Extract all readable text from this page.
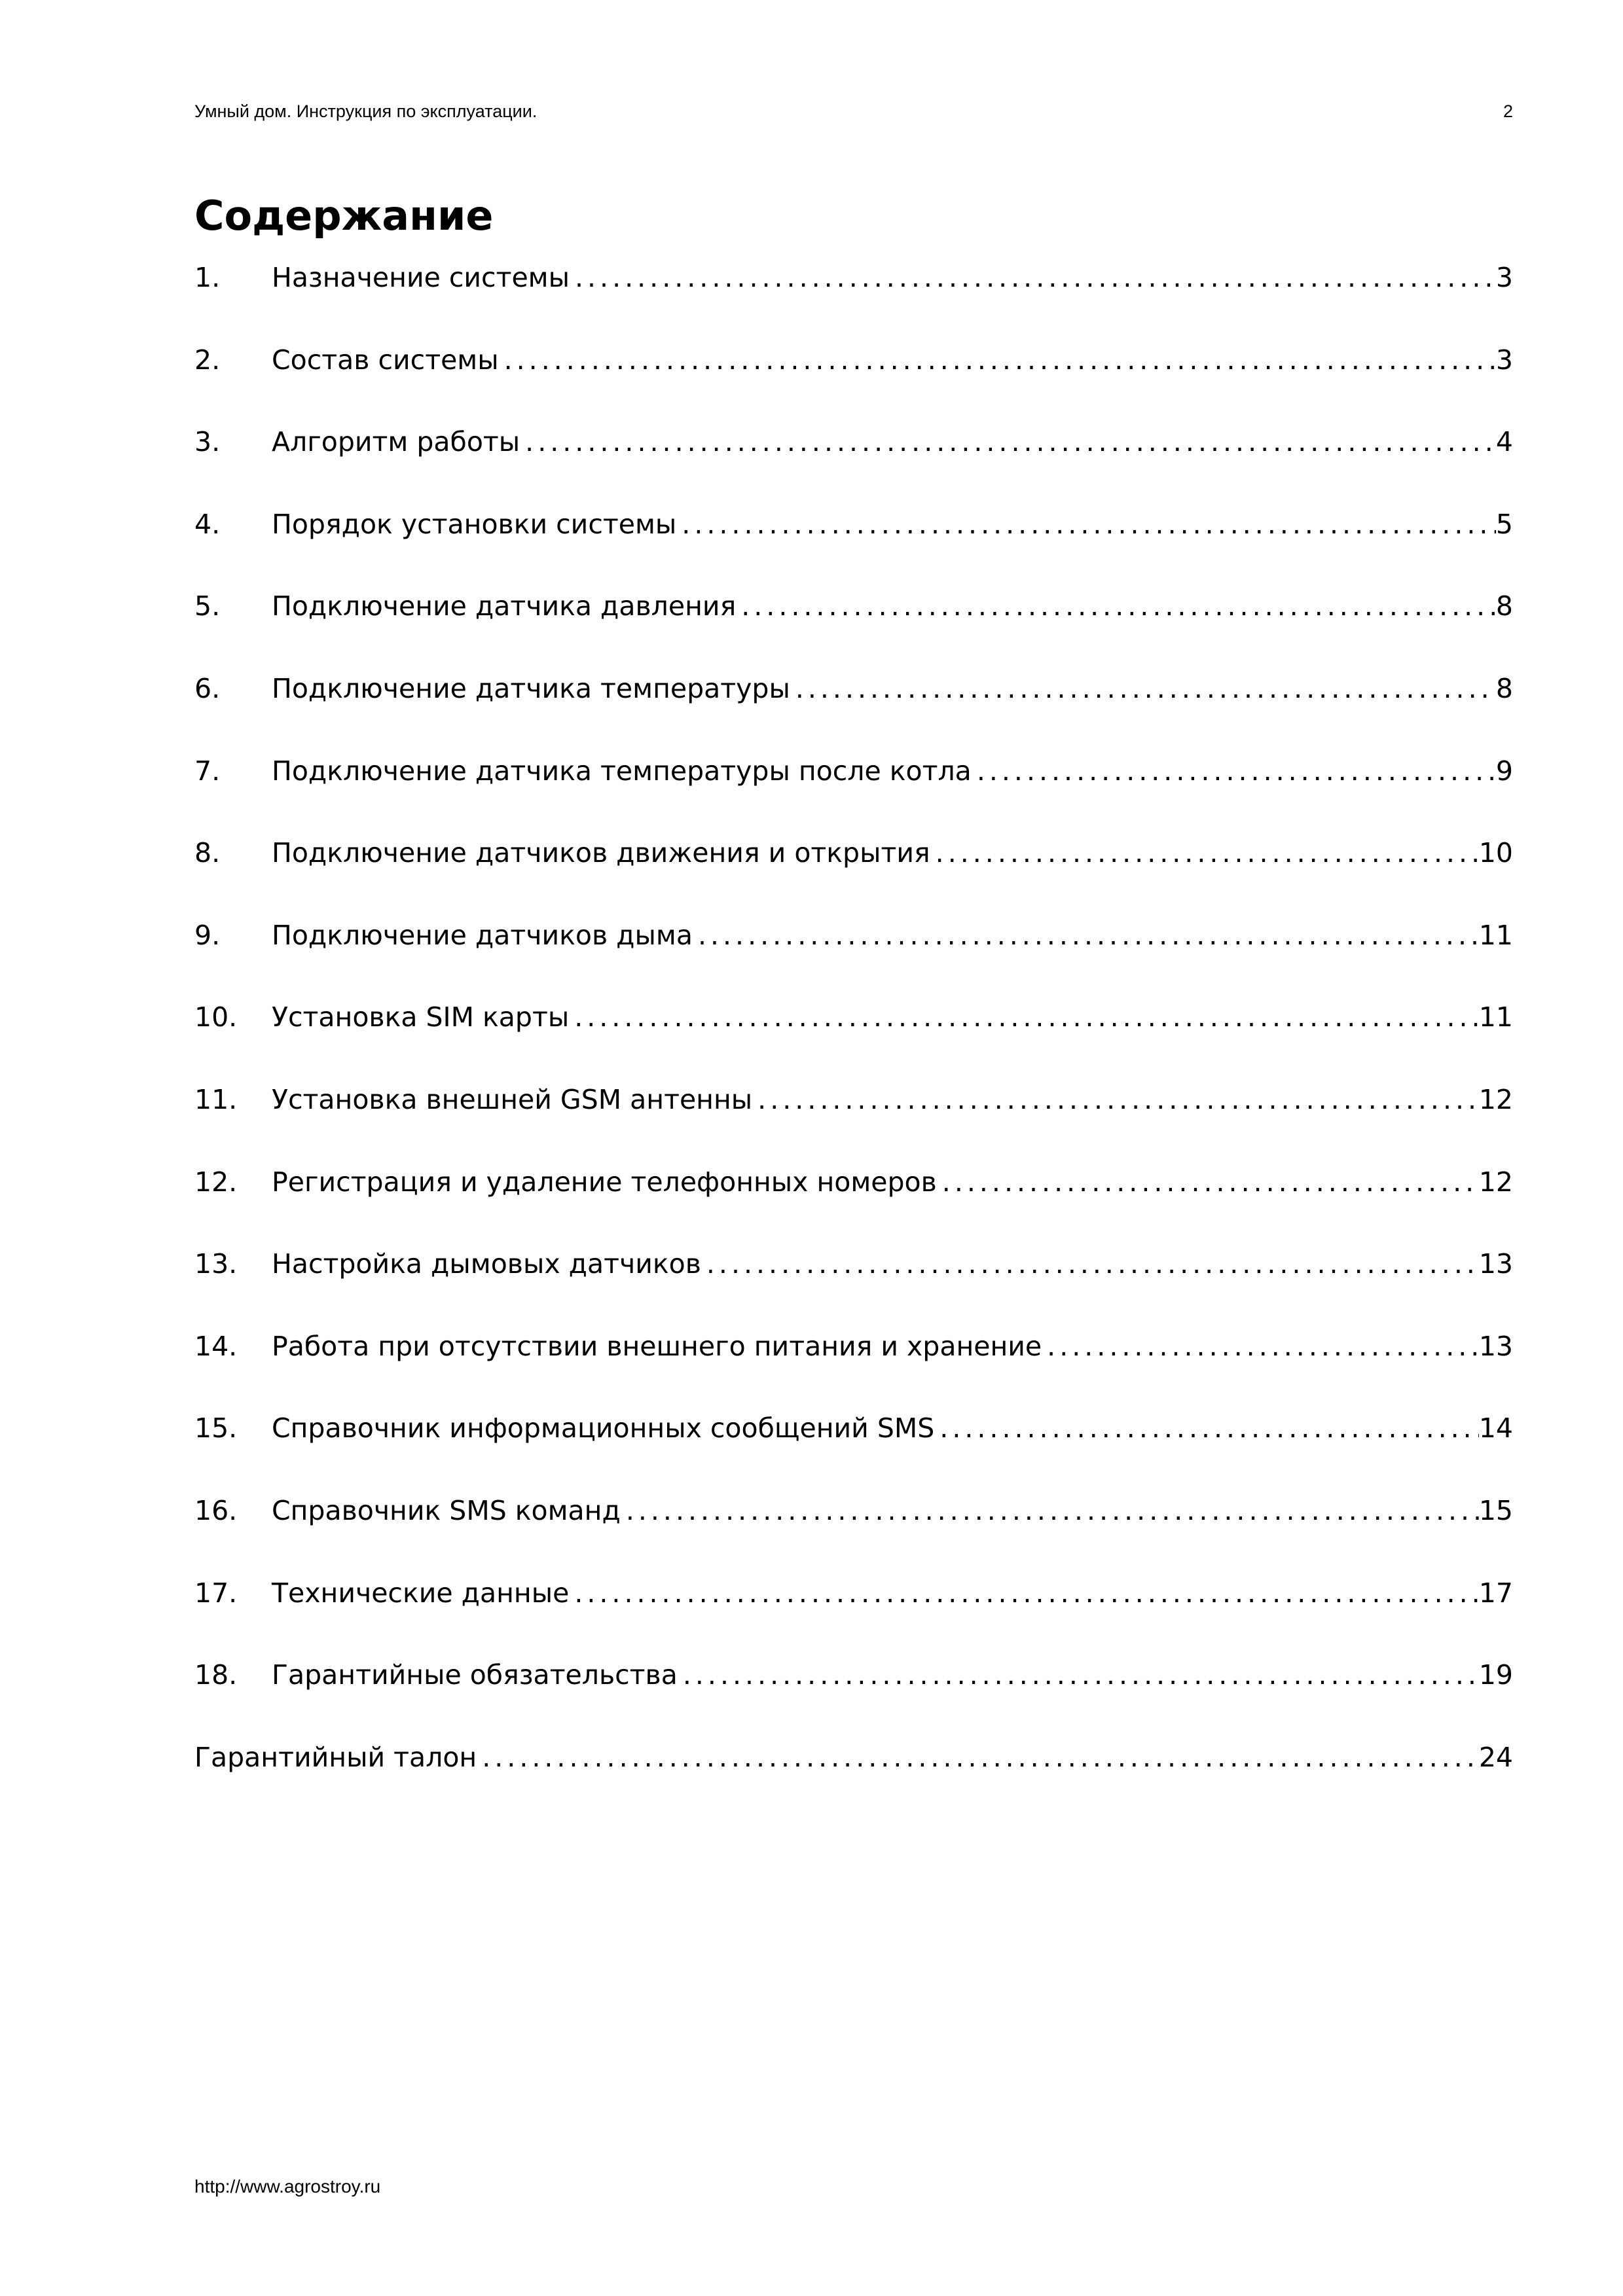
Умный дом. Инструкция по эксплуатации.	2
Содержание
1.	Назначение системы .....	3
2.	Состав системы .....	3
3.	Алгоритм работы .....	4
4.	Порядок установки системы .....	5
5.	Подключение датчика давления .....	8
6.	Подключение датчика температуры .....	8
7.	Подключение датчика температуры после котла .....	9
8.	Подключение датчиков движения и открытия .....	10
9.	Подключение датчиков дыма .....	11
10.	Установка SIM карты .....	11
11.	Установка внешней GSM антенны .....	12
12.	Регистрация и удаление телефонных номеров .....	12
13.	Настройка дымовых датчиков .....	13
14.	Работа при отсутствии внешнего питания и хранение .....	13
15.	Справочник информационных сообщений SMS .....	14
16.	Справочник SMS команд .....	15
17.	Технические данные .....	17
18.	Гарантийные обязательства .....	19
Гарантийный талон .....	24
http://www.agrostroy.ru
